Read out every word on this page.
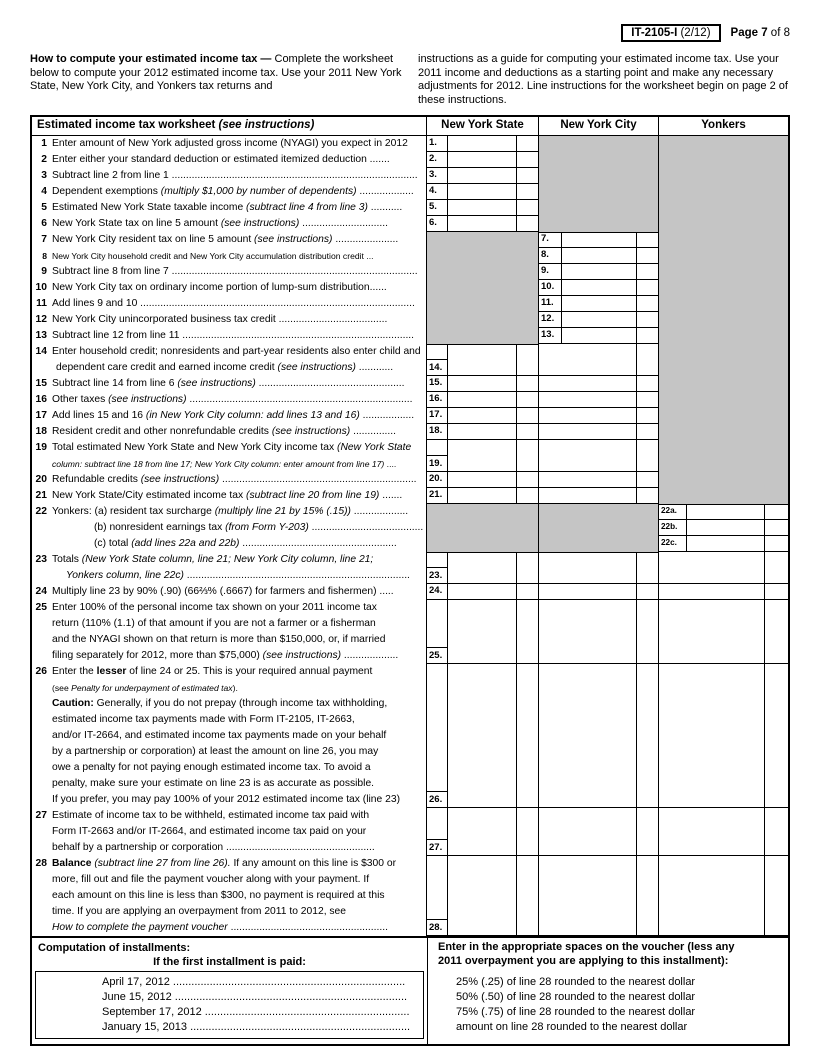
IT-2105-I (2/12)	Page 7 of 8
How to compute your estimated income tax — Complete the worksheet below to compute your 2012 estimated income tax. Use your 2011 New York State, New York City, and Yonkers tax returns and
instructions as a guide for computing your estimated income tax. Use your 2011 income and deductions as a starting point and make any necessary adjustments for 2012. Line instructions for the worksheet begin on page 2 of these instructions.
Estimated income tax worksheet (see instructions)	New York State	New York City	Yonkers
1 Enter amount of New York adjusted gross income (NYAGI) you expect in 2012	1.
2 Enter either your standard deduction or estimated itemized deduction .......	2.
3 Subtract line 2 from line 1 ......................................................................................	3.
4 Dependent exemptions (multiply $1,000 by number of dependents) ...................	4.
5 Estimated New York State taxable income (subtract line 4 from line 3) ...........	5.
6 New York State tax on line 5 amount (see instructions) ..............................	6.
7 New York City resident tax on line 5 amount (see instructions) ......................	7.
8 New York City household credit and New York City accumulation distribution credit ...	8.
9 Subtract line 8 from line 7 ......................................................................................	9.
10 New York City tax on ordinary income portion of lump-sum distribution......	10.
11 Add lines 9 and 10 ................................................................................................	11.
12 New York City unincorporated business tax credit ......................................	12.
13 Subtract line 12 from line 11 .................................................................................	13.
14 Enter household credit; nonresidents and part-year residents also enter child and
dependent care credit and earned income credit (see instructions) ............	14.
15 Subtract line 14 from line 6 (see instructions) ...................................................	15.
16 Other taxes (see instructions) ..............................................................................	16.
17 Add lines 15 and 16 (in New York City column: add lines 13 and 16) ..................	17.
18 Resident credit and other nonrefundable credits (see instructions) ...............	18.
19 Total estimated New York State and New York City income tax (New York State
column: subtract line 18 from line 17; New York City column: enter amount from line 17) ....	19.
20 Refundable credits (see instructions) ....................................................................	20.
21 New York State/City estimated income tax (subtract line 20 from line 19) .......	21.
22 Yonkers: (a) resident tax surcharge (multiply line 21 by 15% (.15)) ...................	22a.
(b) nonresident earnings tax (from Form Y-203) .......................................	22b.
(c) total (add lines 22a and 22b) ......................................................	22c.
23 Totals (New York State column, line 21; New York City column, line 21;
Yonkers column, line 22c) ..............................................................................	23.
24 Multiply line 23 by 90% (.90) (66⅔% (.6667) for farmers and fishermen) .....	24.
25 Enter 100% of the personal income tax shown on your 2011 income tax
return (110% (1.1) of that amount if you are not a farmer or a fisherman
and the NYAGI shown on that return is more than $150,000, or, if married
filing separately for 2012, more than $75,000) (see instructions) ...................	25.
26 Enter the lesser of line 24 or 25. This is your required annual payment
(see Penalty for underpayment of estimated tax).
Caution: Generally, if you do not prepay (through income tax withholding,
estimated income tax payments made with Form IT-2105, IT-2663,
and/or IT-2664, and estimated income tax payments made on your behalf
by a partnership or corporation) at least the amount on line 26, you may
owe a penalty for not paying enough estimated income tax. To avoid a
penalty, make sure your estimate on line 23 is as accurate as possible.
If you prefer, you may pay 100% of your 2012 estimated income tax (line 23)	26.
27 Estimate of income tax to be withheld, estimated income tax paid with
Form IT-2663 and/or IT-2664, and estimated income tax paid on your
behalf by a partnership or corporation ....................................................	27.
28 Balance (subtract line 27 from line 26). If any amount on this line is $300 or
more, fill out and file the payment voucher along with your payment. If
each amount on this line is less than $300, no payment is required at this
time. If you are applying an overpayment from 2011 to 2012, see
How to complete the payment voucher .......................................................	28.
Computation of installments:
If the first installment is paid:
April 17, 2012 ............................................................................
June 15, 2012 ............................................................................
September 17, 2012 ...................................................................
January 15, 2013 ........................................................................
Enter in the appropriate spaces on the voucher (less any
2011 overpayment you are applying to this installment):
25% (.25) of line 28 rounded to the nearest dollar
50% (.50) of line 28 rounded to the nearest dollar
75% (.75) of line 28 rounded to the nearest dollar
amount on line 28 rounded to the nearest dollar
